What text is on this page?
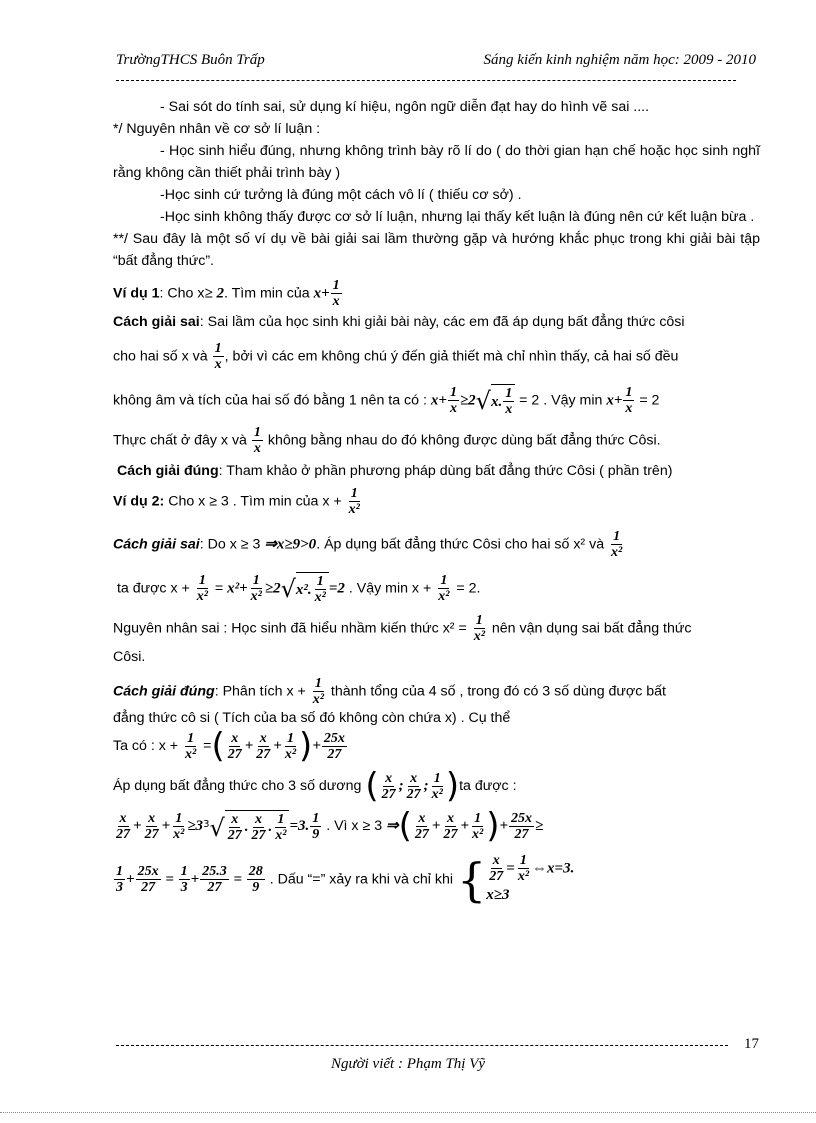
TrườngTHCS Buôn Trấp	Sáng kiến kinh nghiệm năm học: 2009 - 2010

- Sai sót do tính sai, sử dụng kí hiệu, ngôn ngữ diễn đạt hay do hình vẽ sai ....

*/ Nguyên nhân về cơ sở lí luận :

- Học sinh hiểu đúng, nhưng không trình bày rõ lí do ( do thời gian hạn chế hoặc học sinh nghĩ rằng không cần thiết phải trình bày )

-Học sinh cứ tưởng là đúng một cách vô lí ( thiếu cơ sở) .

-Học sinh không thấy được cơ sở lí luận, nhưng lại thấy kết luận là đúng nên cứ kết luận bừa .

**/ Sau đây là một số ví dụ về bài giải sai lầm thường gặp và hướng khắc phục trong khi giải bài tập “bất đẳng thức”.

Ví dụ 1: Cho x≥ 2. Tìm min của $x+ \frac{1}{x}$

Cách giải sai: Sai lầm của học sinh khi giải bài này, các em đã áp dụng bất đẳng thức côsi

cho hai số x và $\frac{1}{x}$ , bởi vì các em không chú ý đến giả thiết mà chỉ nhìn thấy, cả hai số đều

không âm và tích của hai số đó bằng 1 nên ta có : $x+ \frac{1}{x} \ge 2$ √ x. $\frac{1}{x} = 2$ . Vậy $\min x+ \frac{1}{x} = 2$

Thực chất ở đây x và $\frac{1}{x}$ không bằng nhau do đó không được dùng bất đẳng thức Côsi.

Cách giải đúng: Tham khảo ở phần phương pháp dùng bất đẳng thức Côsi ( phần trên)

Ví dụ 2: Cho x ≥ 3 . Tìm min của $x + \frac{1}{\text{x²}}$

Cách giải sai: Do x ≥ 3 ⇒x≥9>0. Áp dụng bất đẳng thức Côsi cho hai số x² và $\frac{1}{\text{x²}}$

ta được $x + \frac{1}{\text{x²}} = x^2+ \frac{1}{\text{x²}} \ge 2$ √ x². $\frac{1}{\text{x²}} =2$ . Vậy $\min x + \frac{1}{\text{x²}} = 2$.

Nguyên nhân sai : Học sinh đã hiểu nhầm kiến thức $x^2 = \frac{1}{\text{x²}}$ nên vận dụng sai bất đẳng thức

Côsi.

Cách giải đúng: Phân tích $x + \frac{1}{\text{x²}}$ thành tổng của 4 số , trong đó có 3 số dùng được bất

đẳng thức cô si ( Tích của ba số đó không còn chứa x) . Cụ thể

Ta có : $x + \frac{1}{\text{x²}}$ =( $\frac{x}{27} + \frac{x}{27} + \frac{1}{\text{x²}}$ )+ $\frac{25x}{27}$

Áp dụng bất đẳng thức cho 3 số dương ( $\frac{x}{27}$ ; $\frac{x}{27}$ ; $\frac{1}{\text{x²}} )ta$ được :

$\frac{x}{27} + \frac{x}{27} + \frac{1}{\text{x²}} \ge 3$ $^3√ \frac{x}{27}$ . $\frac{x}{27}$ . $\frac{1}{\text{x²}} =3$. $\frac{1}{9}$ . Vì x ≥ 3 ⇒( $\frac{x}{27} + \frac{x}{27} + \frac{1}{\text{x²}}$ )+ $\frac{25x}{27}$ ≥

$\frac{1}{3} + \frac{25x}{27} = \frac{1}{3} + \frac{25.3}{27} = \frac{28}{9}$ . Dấu “=” xảy ra khi và chỉ khi { $\frac{x}{27} = \frac{1}{\text{x²}}$ ⇔x=3.
x≥3

17
Người viết : Phạm Thị Vỹ
